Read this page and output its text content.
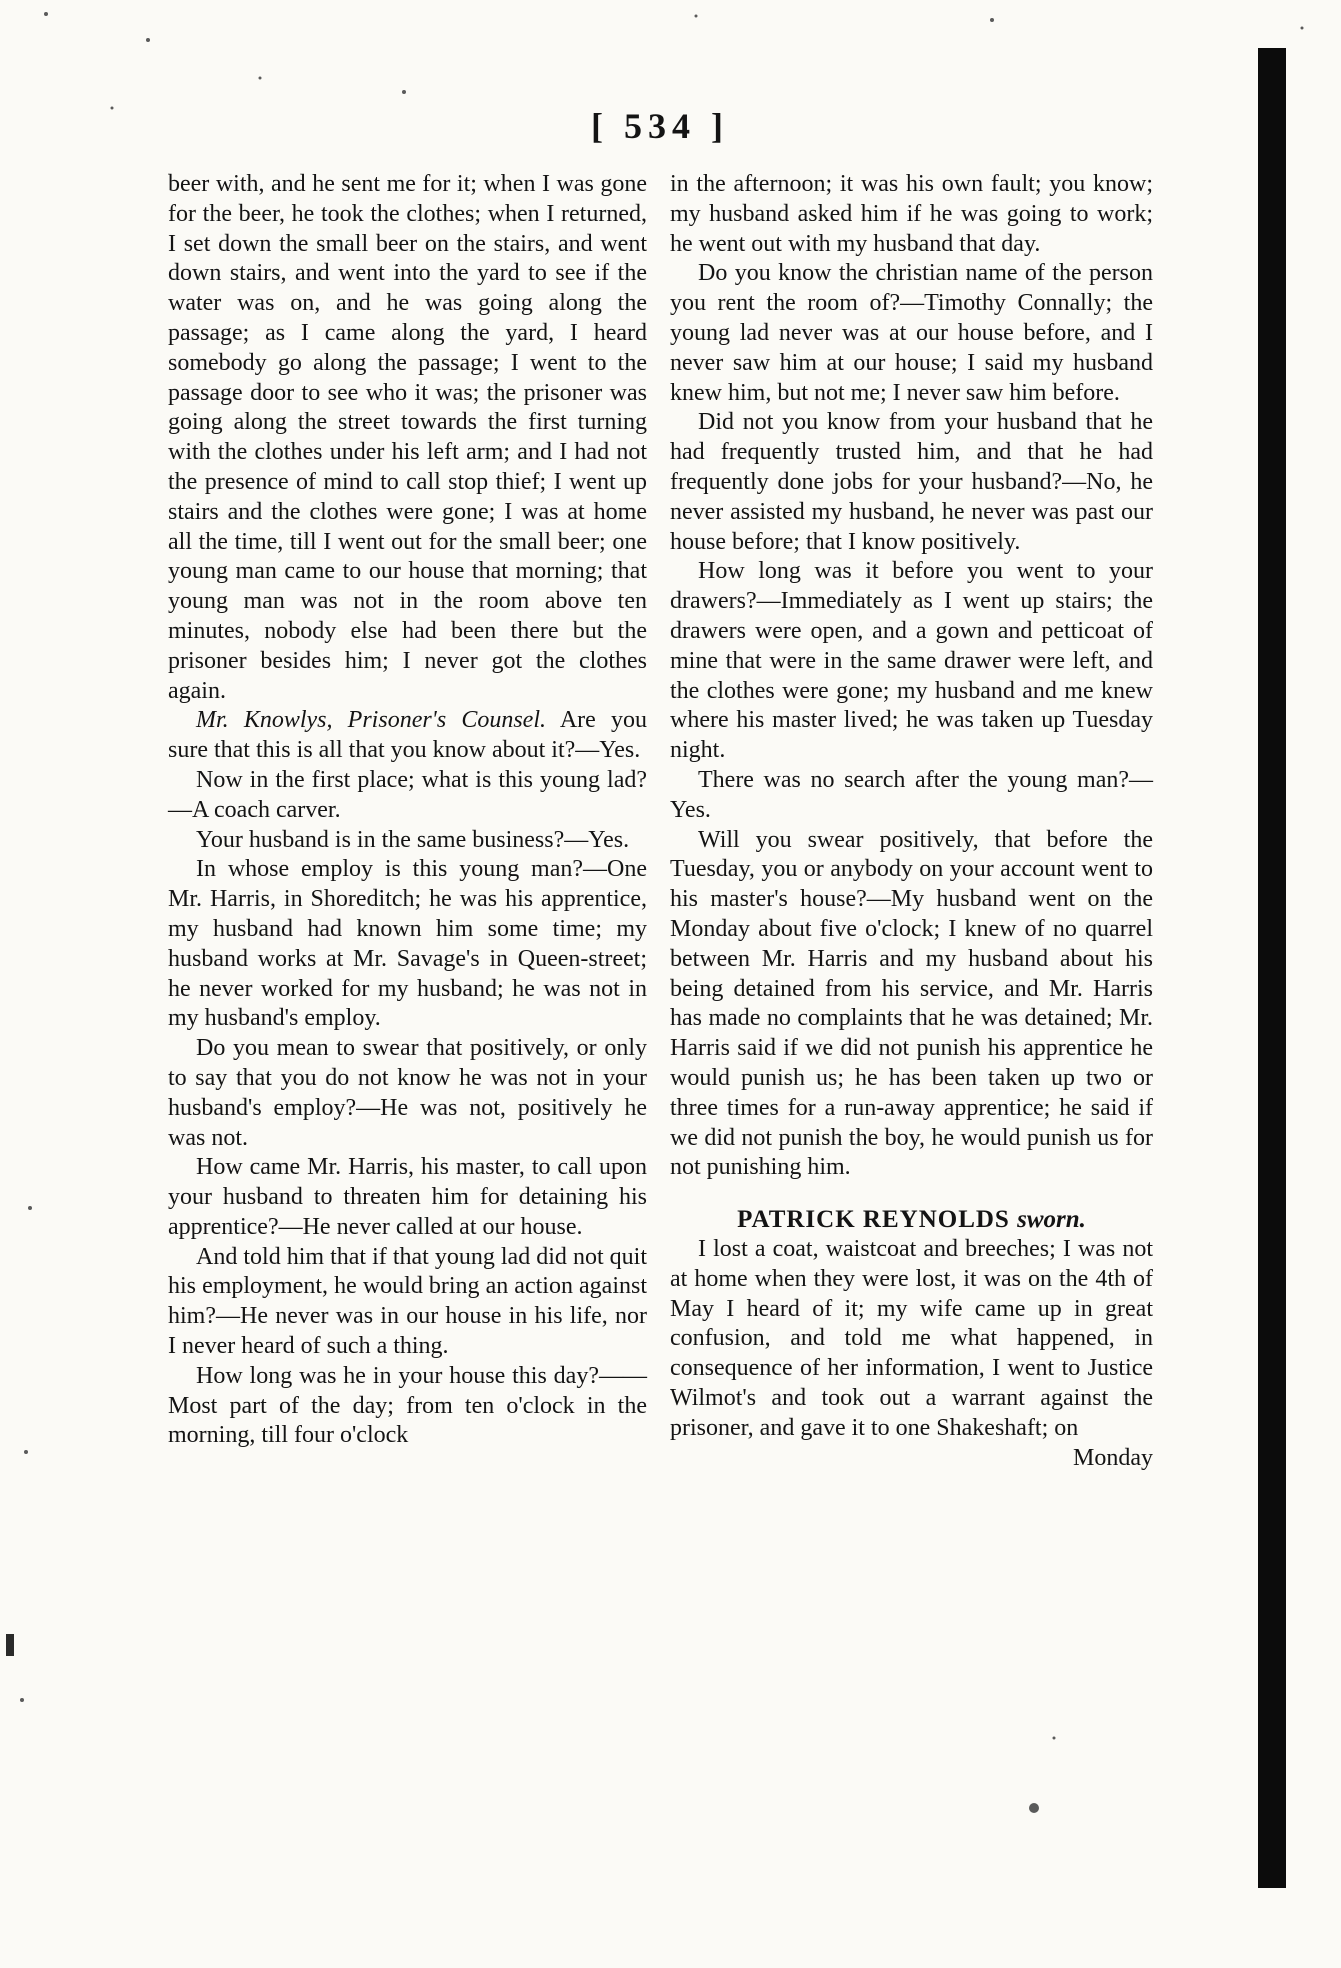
[ 534 ]

beer with, and he sent me for it; when I was gone for the beer, he took the clothes; when I returned, I set down the small beer on the stairs, and went down stairs, and went into the yard to see if the water was on, and he was going along the passage; as I came along the yard, I heard somebody go along the passage; I went to the passage door to see who it was; the prisoner was going along the street towards the first turning with the clothes under his left arm; and I had not the presence of mind to call stop thief; I went up stairs and the clothes were gone; I was at home all the time, till I went out for the small beer; one young man came to our house that morning; that young man was not in the room above ten minutes, nobody else had been there but the prisoner besides him; I never got the clothes again.

Mr. Knowlys, Prisoner's Counsel. Are you sure that this is all that you know about it?—Yes.

Now in the first place; what is this young lad?—A coach carver.

Your husband is in the same business?—Yes.

In whose employ is this young man?—One Mr. Harris, in Shoreditch; he was his apprentice, my husband had known him some time; my husband works at Mr. Savage's in Queen-street; he never worked for my husband; he was not in my husband's employ.

Do you mean to swear that positively, or only to say that you do not know he was not in your husband's employ?—He was not, positively he was not.

How came Mr. Harris, his master, to call upon your husband to threaten him for detaining his apprentice?—He never called at our house.

And told him that if that young lad did not quit his employment, he would bring an action against him?—He never was in our house in his life, nor I never heard of such a thing.

How long was he in your house this day?——Most part of the day; from ten o'clock in the morning, till four o'clock

in the afternoon; it was his own fault; you know; my husband asked him if he was going to work; he went out with my husband that day.

Do you know the christian name of the person you rent the room of?—Timothy Connally; the young lad never was at our house before, and I never saw him at our house; I said my husband knew him, but not me; I never saw him before.

Did not you know from your husband that he had frequently trusted him, and that he had frequently done jobs for your husband?—No, he never assisted my husband, he never was past our house before; that I know positively.

How long was it before you went to your drawers?—Immediately as I went up stairs; the drawers were open, and a gown and petticoat of mine that were in the same drawer were left, and the clothes were gone; my husband and me knew where his master lived; he was taken up Tuesday night.

There was no search after the young man?—Yes.

Will you swear positively, that before the Tuesday, you or anybody on your account went to his master's house?—My husband went on the Monday about five o'clock; I knew of no quarrel between Mr. Harris and my husband about his being detained from his service, and Mr. Harris has made no complaints that he was detained; Mr. Harris said if we did not punish his apprentice he would punish us; he has been taken up two or three times for a run-away apprentice; he said if we did not punish the boy, he would punish us for not punishing him.

PATRICK REYNOLDS sworn.

I lost a coat, waistcoat and breeches; I was not at home when they were lost, it was on the 4th of May I heard of it; my wife came up in great confusion, and told me what happened, in consequence of her information, I went to Justice Wilmot's and took out a warrant against the prisoner, and gave it to one Shakeshaft; on

Monday
